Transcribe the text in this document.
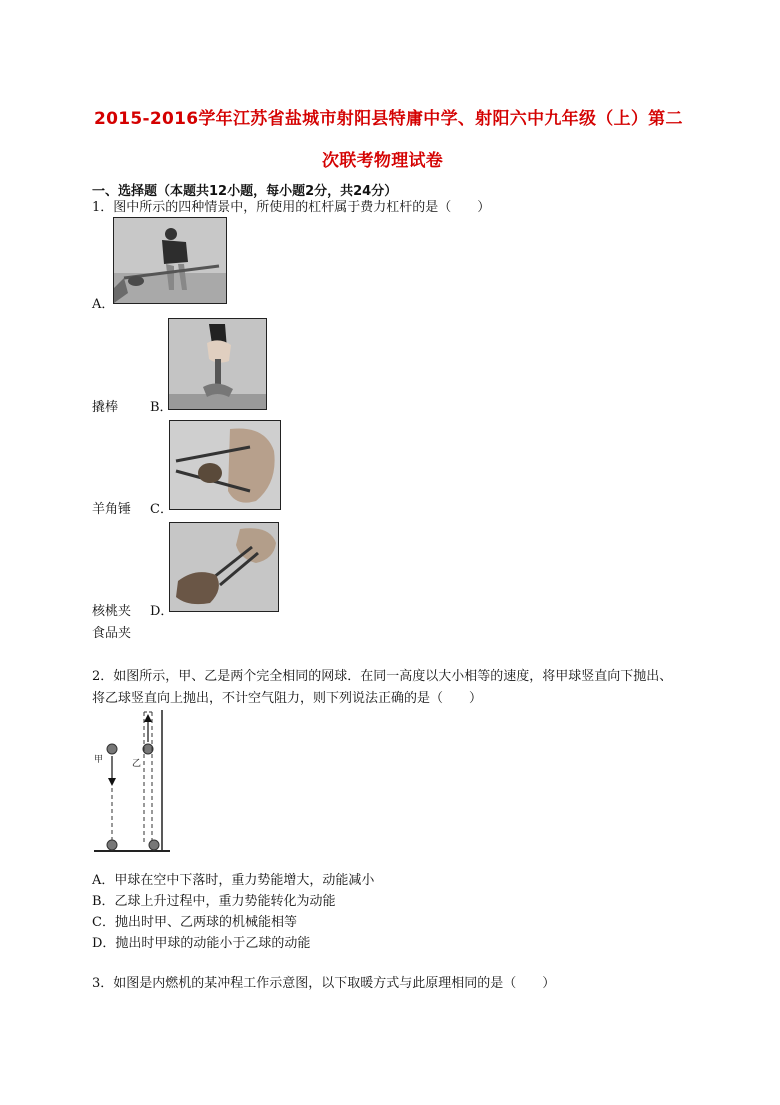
2015-2016学年江苏省盐城市射阳县特庸中学、射阳六中九年级（上）第二
次联考物理试卷
一、选择题（本题共12小题，每小题2分，共24分）
1．图中所示的四种情景中，所使用的杠杆属于费力杠杆的是（　　）
A．
撬棒 B．
羊角锤 C．
核桃夹 D．
食品夹
2．如图所示，甲、乙是两个完全相同的网球．在同一高度以大小相等的速度，将甲球竖直向下抛出、
将乙球竖直向上抛出，不计空气阻力，则下列说法正确的是（　　）
甲	乙
A．甲球在空中下落时，重力势能增大，动能减小
B．乙球上升过程中，重力势能转化为动能
C．抛出时甲、乙两球的机械能相等
D．抛出时甲球的动能小于乙球的动能
3．如图是内燃机的某冲程工作示意图，以下取暖方式与此原理相同的是（　　）
